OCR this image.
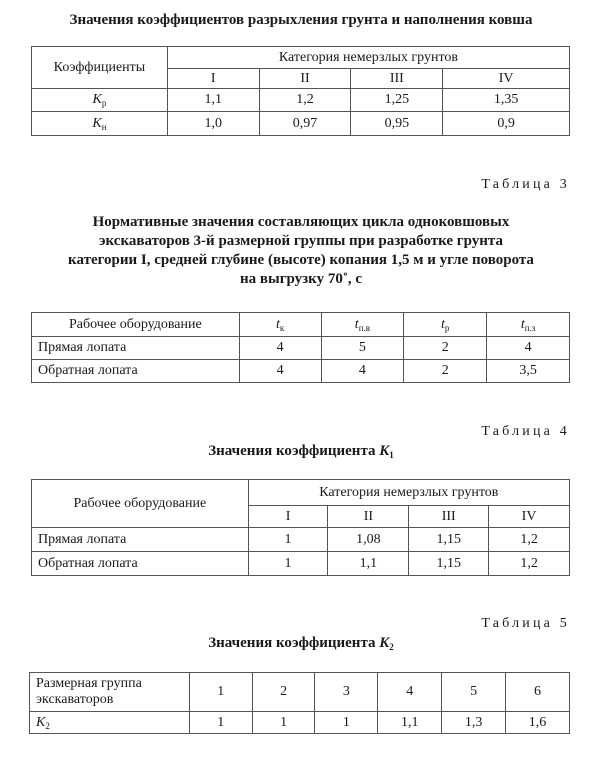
Значения коэффициентов разрыхления грунта и наполнения ковша
Коэффициенты	Категория немерзлых грунтов			
	I	II	III	IV
$K_р$	1,1	1,2	1,25	1,35
$K_н$	1,0	0,97	0,95	0,9
Таблица 3
Нормативные значения составляющих цикла одноковшовых
экскаваторов 3-й размерной группы при разработке грунта
категории I, средней глубине (высоте) копания 1,5 м и угле поворота
на выгрузку 70˚, с
Рабочее оборудование	$t_к$	$t_{п.в}$	$t_р$	$t_{п.з}$
Прямая лопата	4	5	2	4
Обратная лопата	4	4	2	3,5
Таблица 4
Значения коэффициента $K_1$
Рабочее оборудование	Категория немерзлых грунтов			
	I	II	III	IV
Прямая лопата	1	1,08	1,15	1,2
Обратная лопата	1	1,1	1,15	1,2
Таблица 5
Значения коэффициента $K_2$
Размерная группа
экскаваторов	1	2	3	4	5	6
$K_2$	1	1	1	1,1	1,3	1,6
